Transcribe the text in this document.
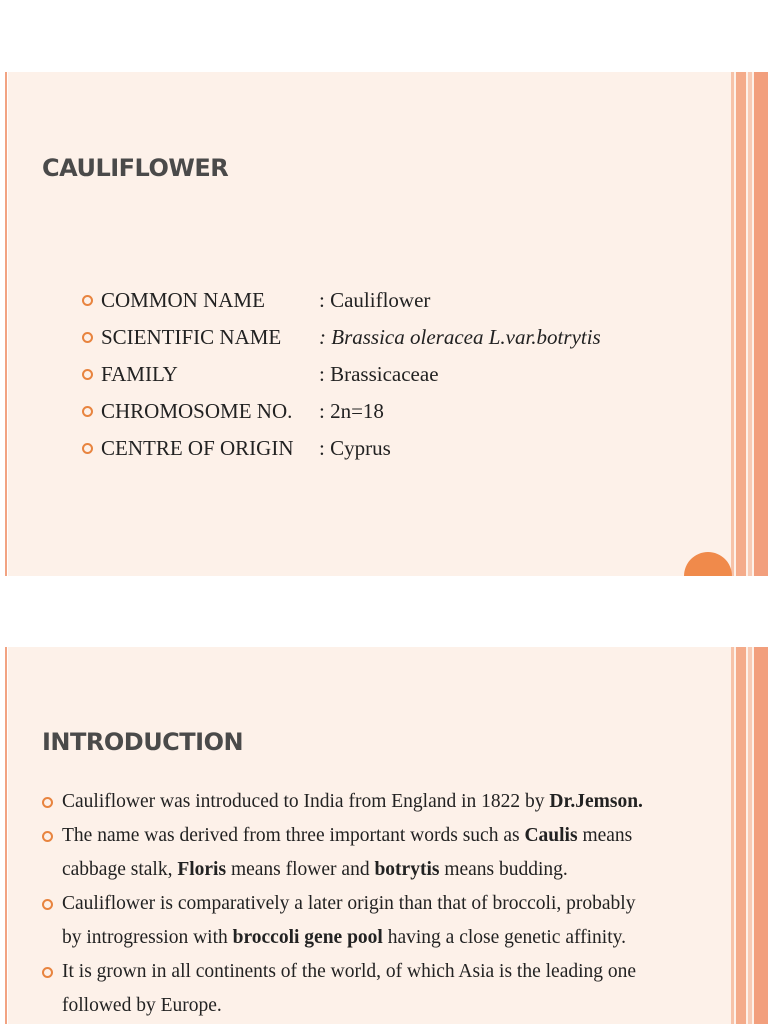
CAULIFLOWER
COMMON NAME	: Cauliflower
SCIENTIFIC NAME	: Brassica oleracea L.var.botrytis
FAMILY	: Brassicaceae
CHROMOSOME NO.	: 2n=18
CENTRE OF ORIGIN	: Cyprus
INTRODUCTION
Cauliflower was introduced to India from England in 1822 by Dr.Jemson.
The name was derived from three important words such as Caulis means cabbage stalk, Floris means flower and botrytis means budding.
Cauliflower is comparatively a later origin than that of broccoli, probably by introgression with broccoli gene pool having a close genetic affinity.
It is grown in all continents of the world, of which Asia is the leading one followed by Europe.
